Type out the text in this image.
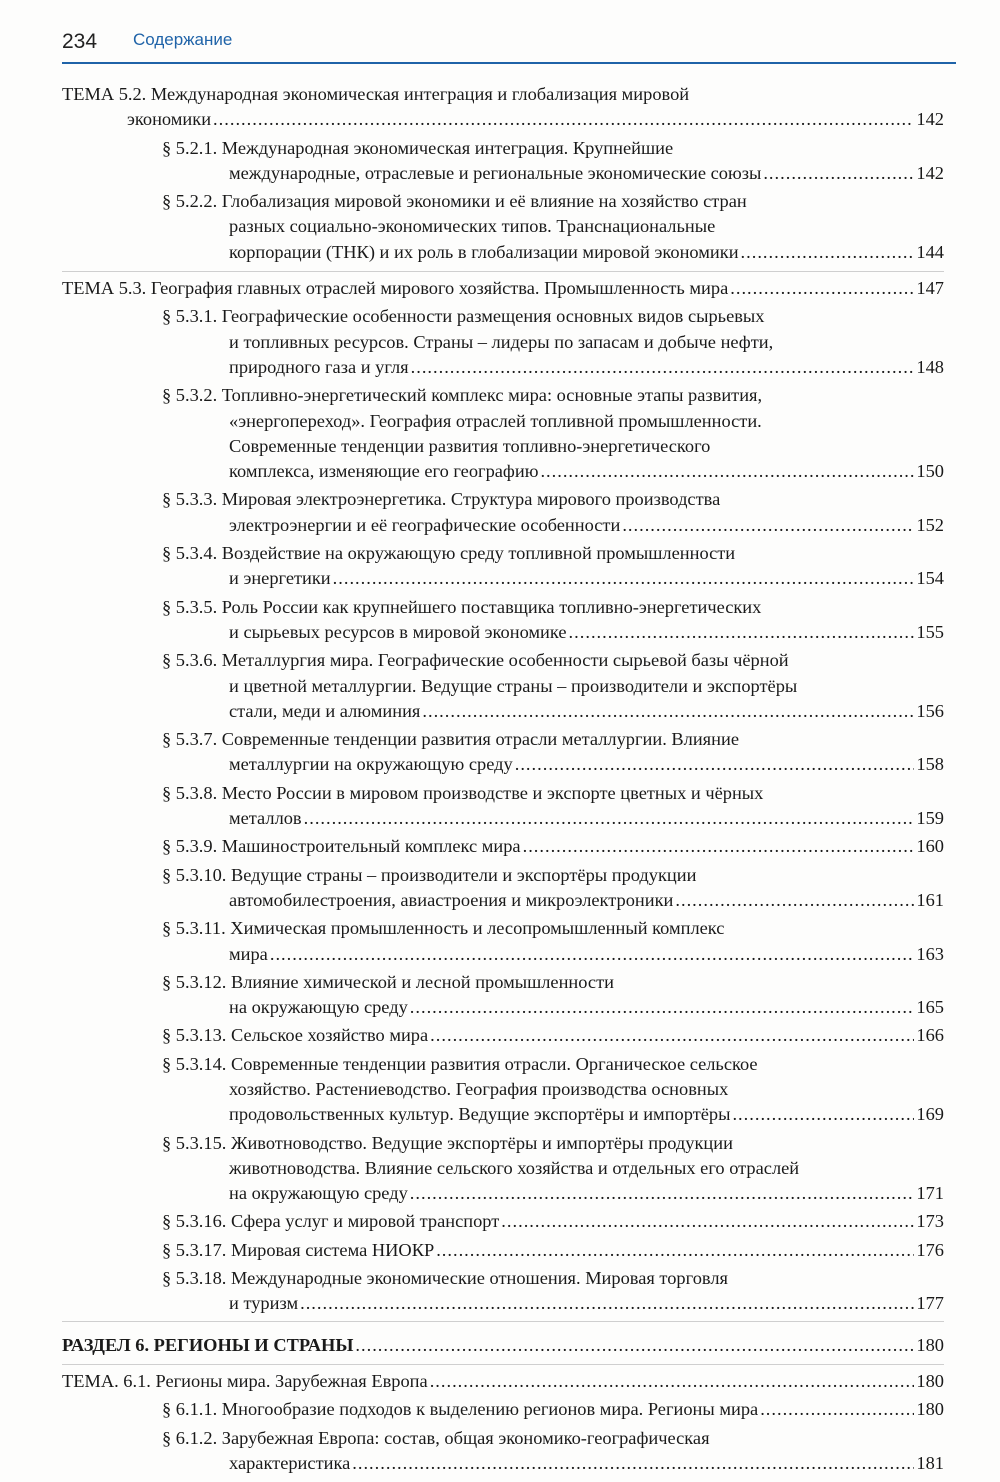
234 Содержание
ТЕМА 5.2. Международная экономическая интеграция и глобализация мировой
экономики .....	142
§ 5.2.1. Международная экономическая интеграция. Крупнейшие
международные, отраслевые и региональные экономические союзы .....	142
§ 5.2.2. Глобализация мировой экономики и её влияние на хозяйство стран
разных социально-экономических типов. Транснациональные
корпорации (ТНК) и их роль в глобализации мировой экономики .....	144
ТЕМА 5.3. География главных отраслей мирового хозяйства. Промышленность мира .....	147
§ 5.3.1. Географические особенности размещения основных видов сырьевых
и топливных ресурсов. Страны – лидеры по запасам и добыче нефти,
природного газа и угля .....	148
§ 5.3.2. Топливно-энергетический комплекс мира: основные этапы развития,
«энергопереход». География отраслей топливной промышленности.
Современные тенденции развития топливно-энергетического
комплекса, изменяющие его географию .....	150
§ 5.3.3. Мировая электроэнергетика. Структура мирового производства
электроэнергии и её географические особенности .....	152
§ 5.3.4. Воздействие на окружающую среду топливной промышленности
и энергетики .....	154
§ 5.3.5. Роль России как крупнейшего поставщика топливно-энергетических
и сырьевых ресурсов в мировой экономике .....	155
§ 5.3.6. Металлургия мира. Географические особенности сырьевой базы чёрной
и цветной металлургии. Ведущие страны – производители и экспортёры
стали, меди и алюминия .....	156
§ 5.3.7. Современные тенденции развития отрасли металлургии. Влияние
металлургии на окружающую среду .....	158
§ 5.3.8. Место России в мировом производстве и экспорте цветных и чёрных
металлов .....	159
§ 5.3.9. Машиностроительный комплекс мира .....	160
§ 5.3.10. Ведущие страны – производители и экспортёры продукции
автомобилестроения, авиастроения и микроэлектроники .....	161
§ 5.3.11. Химическая промышленность и лесопромышленный комплекс
мира .....	163
§ 5.3.12. Влияние химической и лесной промышленности
на окружающую среду .....	165
§ 5.3.13. Сельское хозяйство мира .....	166
§ 5.3.14. Современные тенденции развития отрасли. Органическое сельское
хозяйство. Растениеводство. География производства основных
продовольственных культур. Ведущие экспортёры и импортёры .....	169
§ 5.3.15. Животноводство. Ведущие экспортёры и импортёры продукции
животноводства. Влияние сельского хозяйства и отдельных его отраслей
на окружающую среду .....	171
§ 5.3.16. Сфера услуг и мировой транспорт .....	173
§ 5.3.17. Мировая система НИОКР .....	176
§ 5.3.18. Международные экономические отношения. Мировая торговля
и туризм .....	177
РАЗДЕЛ 6. РЕГИОНЫ И СТРАНЫ .....	180
ТЕМА. 6.1. Регионы мира. Зарубежная Европа .....	180
§ 6.1.1. Многообразие подходов к выделению регионов мира. Регионы мира .....	180
§ 6.1.2. Зарубежная Европа: состав, общая экономико-географическая
характеристика .....	181
